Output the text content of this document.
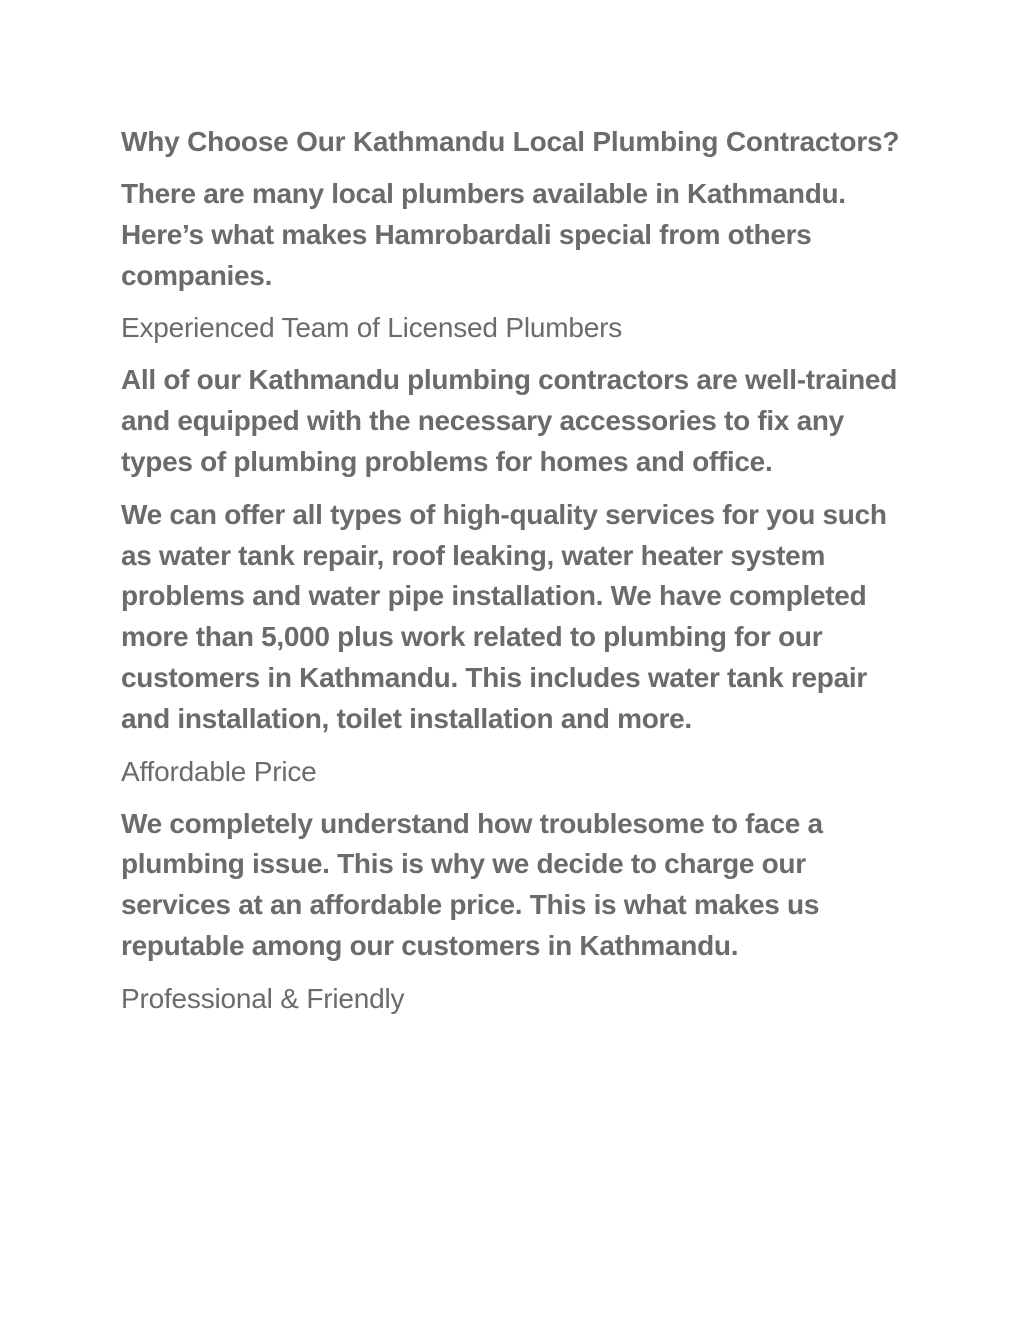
Why Choose Our Kathmandu Local Plumbing Contractors?

There are many local plumbers available in Kathmandu. Here’s what makes Hamrobardali special from others companies.

Experienced Team of Licensed Plumbers

All of our Kathmandu plumbing contractors are well-trained and equipped with the necessary accessories to fix any types of plumbing problems for homes and office.

We can offer all types of high-quality services for you such as water tank repair, roof leaking, water heater system problems and water pipe installation. We have completed more than 5,000 plus work related to plumbing for our customers in Kathmandu. This includes water tank repair and installation, toilet installation and more.

Affordable Price

We completely understand how troublesome to face a plumbing issue. This is why we decide to charge our services at an affordable price. This is what makes us reputable among our customers in Kathmandu.

Professional & Friendly
